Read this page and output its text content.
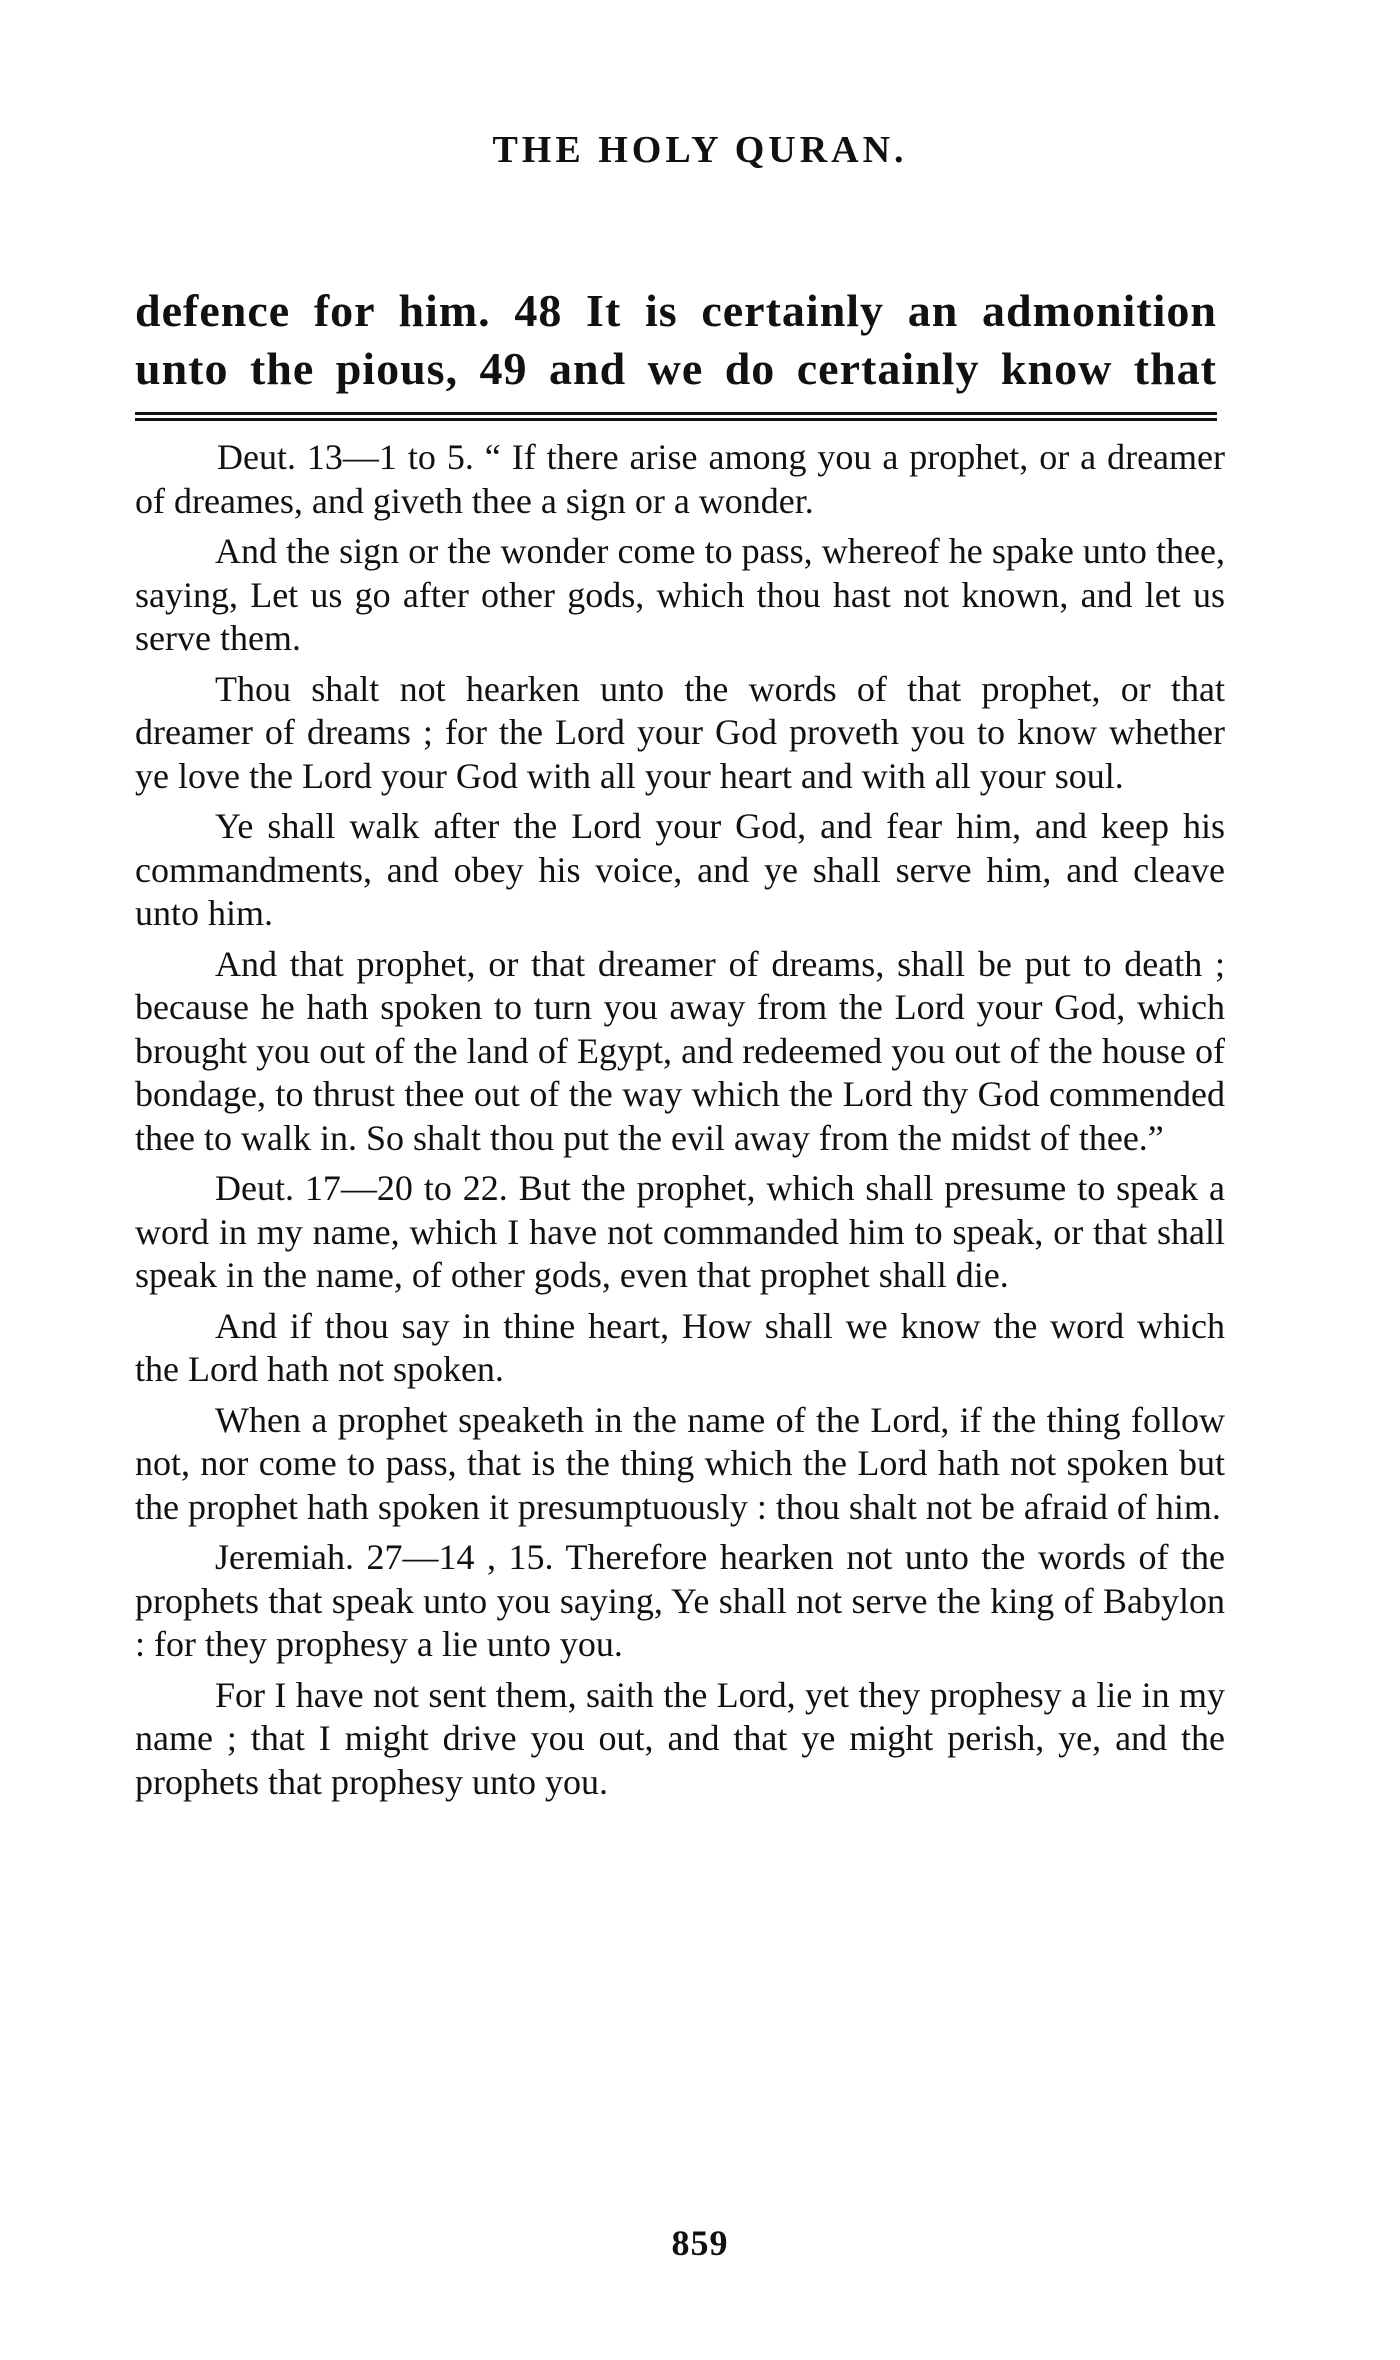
THE HOLY QURAN.
defence for him. 48 It is certainly an admonition
unto the pious, 49 and we do certainly know that

Deut. 13—1 to 5. “ If there arise among you a prophet, or a dreamer of dreames, and giveth thee a sign or a wonder.

And the sign or the wonder come to pass, whereof he spake unto thee, saying, Let us go after other gods, which thou hast not known, and let us serve them.

Thou shalt not hearken unto the words of that prophet, or that dreamer of dreams ; for the Lord your God proveth you to know whether ye love the Lord your God with all your heart and with all your soul.

Ye shall walk after the Lord your God, and fear him, and keep his commandments, and obey his voice, and ye shall serve him, and cleave unto him.

And that prophet, or that dreamer of dreams, shall be put to death ; because he hath spoken to turn you away from the Lord your God, which brought you out of the land of Egypt, and redeemed you out of the house of bondage, to thrust thee out of the way which the Lord thy God commended thee to walk in. So shalt thou put the evil away from the midst of thee.”

Deut. 17—20 to 22. But the prophet, which shall presume to speak a word in my name, which I have not commanded him to speak, or that shall speak in the name, of other gods, even that prophet shall die.

And if thou say in thine heart, How shall we know the word which the Lord hath not spoken.

When a prophet speaketh in the name of the Lord, if the thing follow not, nor come to pass, that is the thing which the Lord hath not spoken but the prophet hath spoken it presumptuously : thou shalt not be afraid of him.

Jeremiah. 27—14 , 15. Therefore hearken not unto the words of the prophets that speak unto you saying, Ye shall not serve the king of Babylon : for they prophesy a lie unto you.

For I have not sent them, saith the Lord, yet they prophesy a lie in my name ; that I might drive you out, and that ye might perish, ye, and the prophets that prophesy unto you.

859
